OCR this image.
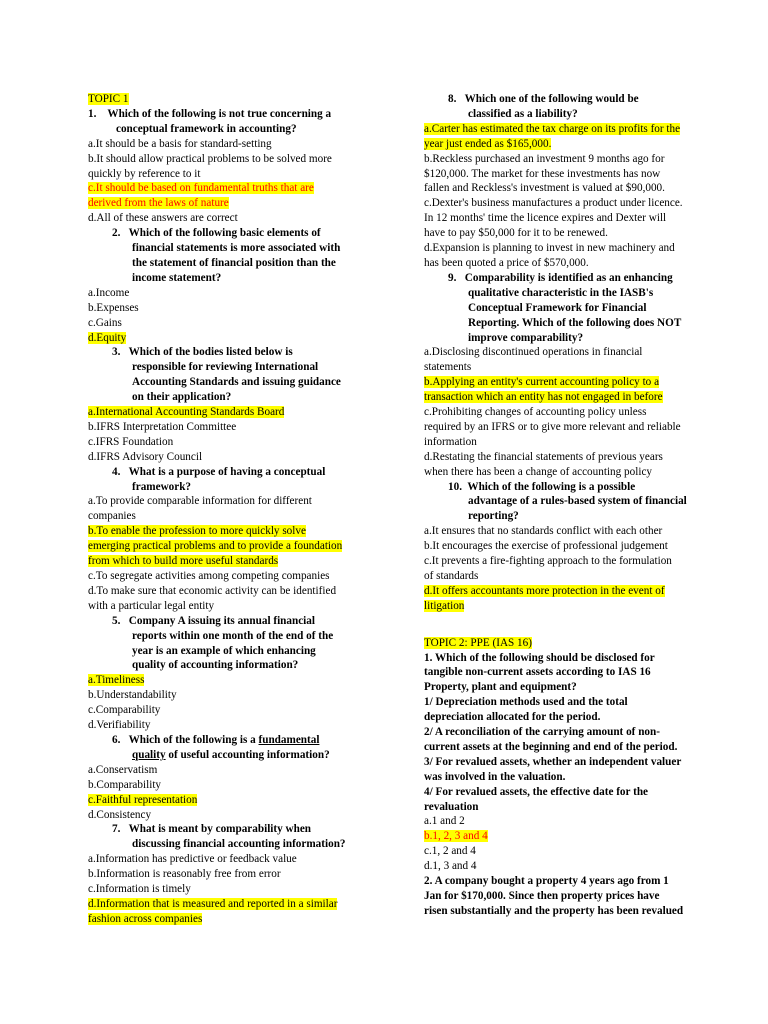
TOPIC 1
1.    Which of the following is not true concerning a
conceptual framework in accounting?
a.It should be a basis for standard-setting
b.It should allow practical problems to be solved more
quickly by reference to it
c.It should be based on fundamental truths that are
derived from the laws of nature
d.All of these answers are correct
2. Which of the following basic elements of
financial statements is more associated with
the statement of financial position than the
income statement?
a.Income
b.Expenses
c.Gains
d.Equity
3. Which of the bodies listed below is
responsible for reviewing International
Accounting Standards and issuing guidance
on their application?
a.International Accounting Standards Board
b.IFRS Interpretation Committee
c.IFRS Foundation
d.IFRS Advisory Council
4. What is a purpose of having a conceptual
framework?
a.To provide comparable information for different
companies
b.To enable the profession to more quickly solve
emerging practical problems and to provide a foundation
from which to build more useful standards
c.To segregate activities among competing companies
d.To make sure that economic activity can be identified
with a particular legal entity
5. Company A issuing its annual financial
reports within one month of the end of the
year is an example of which enhancing
quality of accounting information?
a.Timeliness
b.Understandability
c.Comparability
d.Verifiability
6. Which of the following is a fundamental
quality of useful accounting information?
a.Conservatism
b.Comparability
c.Faithful representation
d.Consistency
7. What is meant by comparability when
discussing financial accounting information?
a.Information has predictive or feedback value
b.Information is reasonably free from error
c.Information is timely
d.Information that is measured and reported in a similar
fashion across companies
8. Which one of the following would be
classified as a liability?
a.Carter has estimated the tax charge on its profits for the
year just ended as $165,000.
b.Reckless purchased an investment 9 months ago for
$120,000. The market for these investments has now
fallen and Reckless's investment is valued at $90,000.
c.Dexter's business manufactures a product under licence.
In 12 months' time the licence expires and Dexter will
have to pay $50,000 for it to be renewed.
d.Expansion is planning to invest in new machinery and
has been quoted a price of $570,000.
9. Comparability is identified as an enhancing
qualitative characteristic in the IASB's
Conceptual Framework for Financial
Reporting. Which of the following does NOT
improve comparability?
a.Disclosing discontinued operations in financial
statements
b.Applying an entity's current accounting policy to a
transaction which an entity has not engaged in before
c.Prohibiting changes of accounting policy unless
required by an IFRS or to give more relevant and reliable
information
d.Restating the financial statements of previous years
when there has been a change of accounting policy
10. Which of the following is a possible
advantage of a rules-based system of financial
reporting?
a.It ensures that no standards conflict with each other
b.It encourages the exercise of professional judgement
c.It prevents a fire-fighting approach to the formulation
of standards
d.It offers accountants more protection in the event of
litigation
TOPIC 2: PPE (IAS 16)
1. Which of the following should be disclosed for
tangible non-current assets according to IAS 16
Property, plant and equipment?
1/ Depreciation methods used and the total
depreciation allocated for the period.
2/ A reconciliation of the carrying amount of non-
current assets at the beginning and end of the period.
3/ For revalued assets, whether an independent valuer
was involved in the valuation.
4/ For revalued assets, the effective date for the
revaluation
a.1 and 2
b.1, 2, 3 and 4
c.1, 2 and 4
d.1, 3 and 4
2. A company bought a property 4 years ago from 1
Jan for $170,000. Since then property prices have
risen substantially and the property has been revalued
